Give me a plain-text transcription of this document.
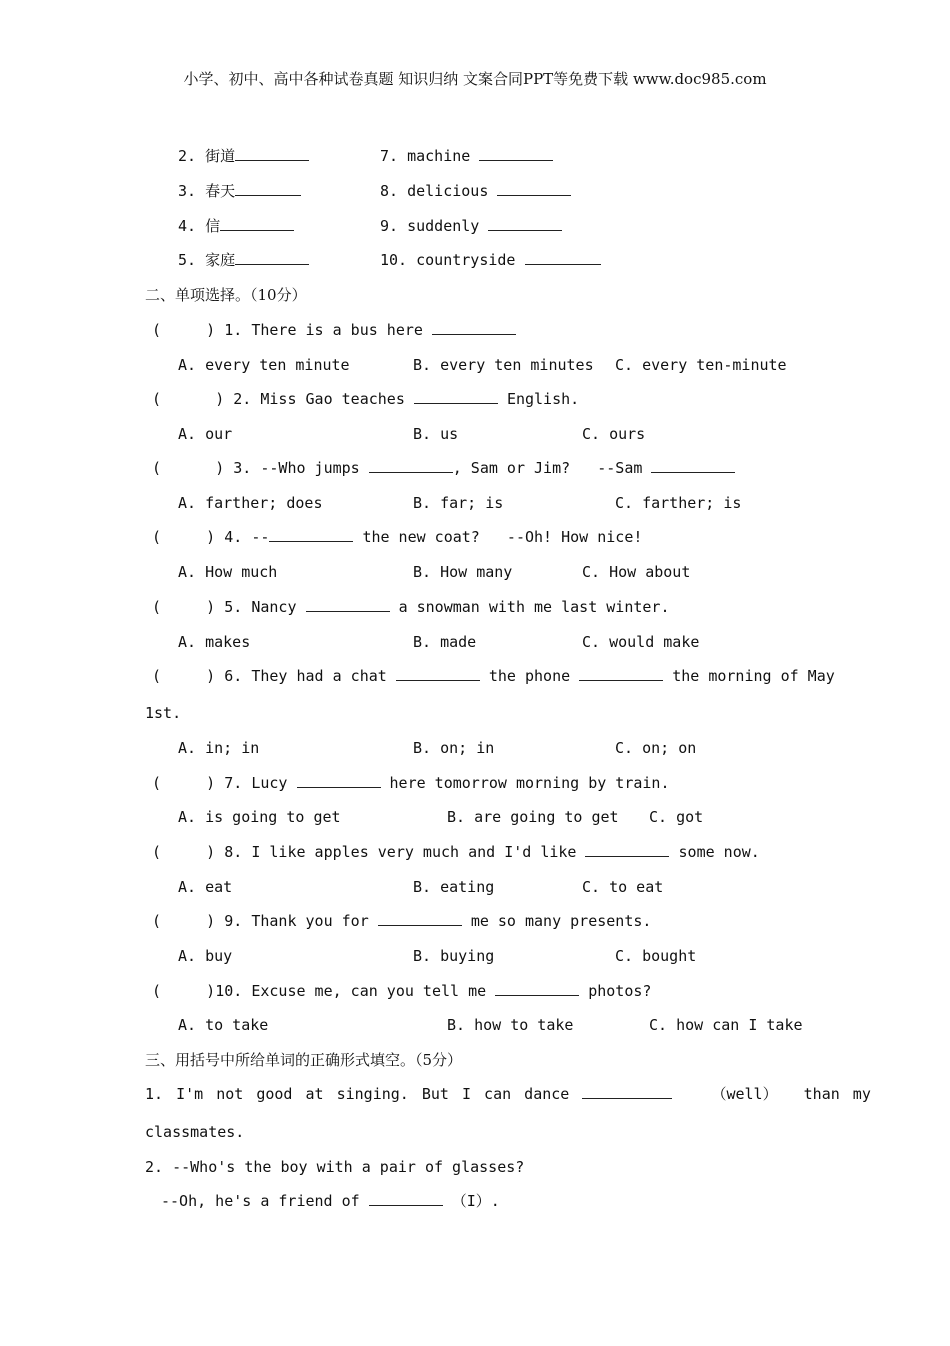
小学、初中、高中各种试卷真题 知识归纳 文案合同PPT等免费下载 www.doc985.com
2. 街道	7. machine
3. 春天	8. delicious
4. 信	9. suddenly
5. 家庭	10. countryside
二、单项选择。（10分）
(     ) 1. There is a bus here
A. every ten minute	B. every ten minutes C. every ten-minute
(      ) 2. Miss Gao teaches	English.
A. our	B. us	C. ours
(      ) 3. --Who jumps	, Sam or Jim?   --Sam
A. farther; does	B. far; is	C. farther; is
(     ) 4. --	the new coat?   --Oh! How nice!
A. How much	B. How many	C. How about
(     ) 5. Nancy	a snowman with me last winter.
A. makes	B. made	C. would make
(     ) 6. They had a chat	the phone	the morning of May
1st.
A. in; in	B. on; in	C. on; on
(     ) 7. Lucy	here tomorrow morning by train.
A. is going to get	B. are going to get C. got
(     ) 8. I like apples very much and I'd like	some now.
A. eat	B. eating	C. to eat
(     ) 9. Thank you for	me so many presents.
A. buy	B. buying	C. bought
(     )10. Excuse me, can you tell me	photos?
A. to take	B. how to take	C. how can I take
三、用括号中所给单词的正确形式填空。（5分）
1. I'm not good at singing. But I can dance	（well） than my
classmates.
2. --Who's the boy with a pair of glasses?
--Oh, he's a friend of	（I）.
